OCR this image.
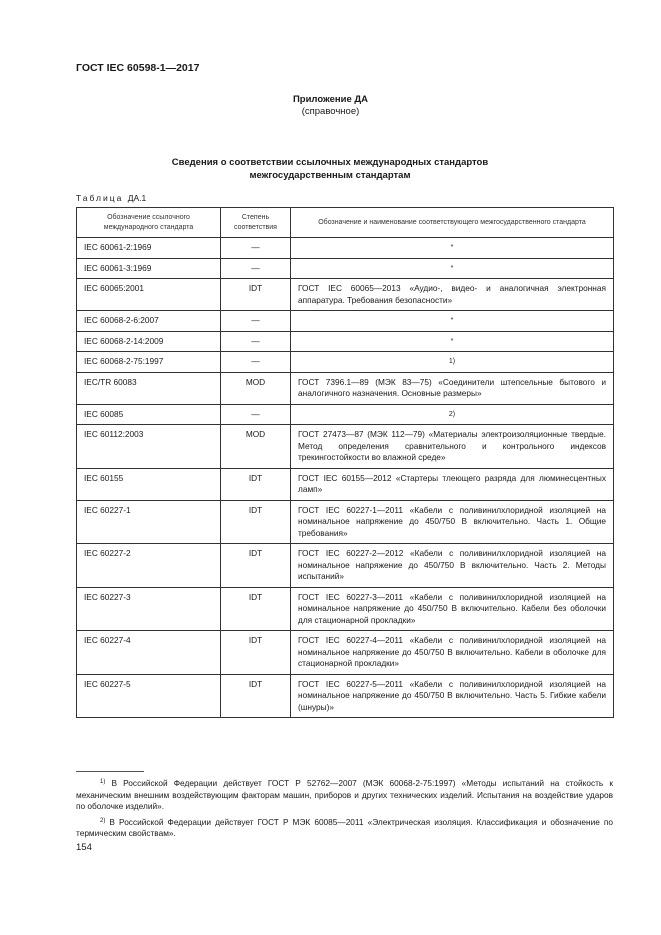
ГОСТ IEC 60598-1—2017
Приложение ДА
(справочное)
Сведения о соответствии ссылочных международных стандартов
межгосударственным стандартам
Таблица ДА.1
Обозначение ссылочного международного стандарта	Степень соответствия	Обозначение и наименование соответствующего межгосударственного стандарта
IEC 60061-2:1969	—	*
IEC 60061-3:1969	—	*
IEC 60065:2001	IDT	ГОСТ IEC 60065—2013 «Аудио-, видео- и аналогичная электронная аппаратура. Требования безопасности»
IEC 60068-2-6:2007	—	*
IEC 60068-2-14:2009	—	*
IEC 60068-2-75:1997	—	1)
IEC/TR 60083	MOD	ГОСТ 7396.1—89 (МЭК 83—75) «Соединители штепсельные бытового и аналогичного назначения. Основные размеры»
IEC 60085	—	2)
IEC 60112:2003	MOD	ГОСТ 27473—87 (МЭК 112—79) «Материалы электроизоляционные твердые. Метод определения сравнительного и контрольного индексов трекингостойкости во влажной среде»
IEC 60155	IDT	ГОСТ IEC 60155—2012 «Стартеры тлеющего разряда для люминесцентных ламп»
IEC 60227-1	IDT	ГОСТ IEC 60227-1—2011 «Кабели с поливинилхлоридной изоляцией на номинальное напряжение до 450/750 В включительно. Часть 1. Общие требования»
IEC 60227-2	IDT	ГОСТ IEC 60227-2—2012 «Кабели с поливинилхлоридной изоляцией на номинальное напряжение до 450/750 В включительно. Часть 2. Методы испытаний»
IEC 60227-3	IDT	ГОСТ IEC 60227-3—2011 «Кабели с поливинилхлоридной изоляцией на номинальное напряжение до 450/750 В включительно. Кабели без оболочки для стационарной прокладки»
IEC 60227-4	IDT	ГОСТ IEC 60227-4—2011 «Кабели с поливинилхлоридной изоляцией на номинальное напряжение до 450/750 В включительно. Кабели в оболочке для стационарной прокладки»
IEC 60227-5	IDT	ГОСТ IEC 60227-5—2011 «Кабели с поливинилхлоридной изоляцией на номинальное напряжение до 450/750 В включительно. Часть 5. Гибкие кабели (шнуры)»

$^{1)}$ В Российской Федерации действует ГОСТ Р 52762—2007 (МЭК 60068-2-75:1997) «Методы испытаний на стойкость к механическим внешним воздействующим факторам машин, приборов и других технических изделий. Испытания на воздействие ударов по оболочке изделий».

$^{2)}$ В Российской Федерации действует ГОСТ Р МЭК 60085—2011 «Электрическая изоляция. Классификация и обозначение по термическим свойствам».

154
